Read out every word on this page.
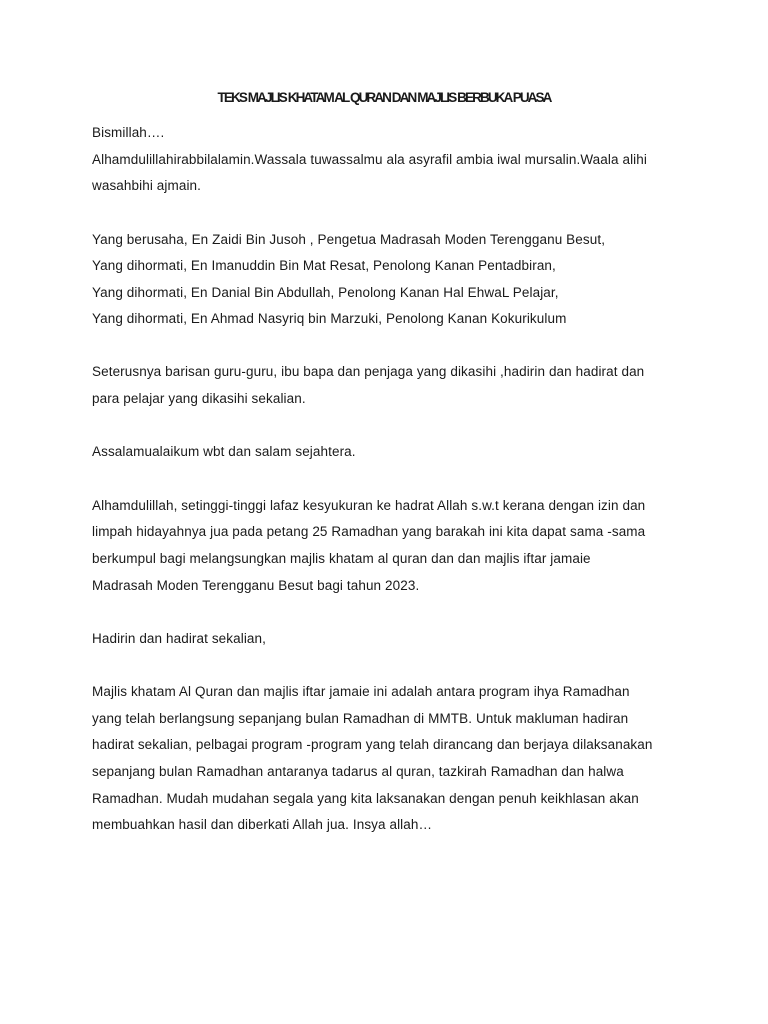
TEKS MAJLIS KHATAM AL QURAN DAN MAJLIS BERBUKA PUASA
Bismillah….
Alhamdulillahirabbilalamin.Wassala tuwassalmu ala asyrafil ambia iwal mursalin.Waala alihi
wasahbihi ajmain.
Yang berusaha, En Zaidi Bin Jusoh , Pengetua Madrasah Moden Terengganu Besut,
Yang dihormati, En Imanuddin Bin Mat Resat, Penolong Kanan Pentadbiran,
Yang dihormati, En Danial Bin Abdullah, Penolong Kanan Hal EhwaL Pelajar,
Yang dihormati, En Ahmad Nasyriq bin Marzuki, Penolong Kanan Kokurikulum
Seterusnya barisan guru-guru, ibu bapa dan penjaga yang dikasihi ,hadirin dan hadirat dan
para pelajar yang dikasihi sekalian.
Assalamualaikum wbt dan salam sejahtera.
Alhamdulillah, setinggi-tinggi lafaz kesyukuran ke hadrat Allah s.w.t kerana dengan izin dan
limpah hidayahnya jua pada petang 25 Ramadhan yang barakah ini kita dapat sama -sama
berkumpul bagi melangsungkan majlis khatam al quran dan dan majlis iftar jamaie
Madrasah Moden Terengganu Besut bagi tahun 2023.
Hadirin dan hadirat sekalian,
Majlis khatam Al Quran dan majlis iftar jamaie ini adalah antara program ihya Ramadhan
yang telah berlangsung sepanjang bulan Ramadhan di MMTB. Untuk makluman hadiran
hadirat sekalian, pelbagai program -program yang telah dirancang dan berjaya dilaksanakan
sepanjang bulan Ramadhan antaranya tadarus al quran, tazkirah Ramadhan dan halwa
Ramadhan. Mudah mudahan segala yang kita laksanakan dengan penuh keikhlasan akan
membuahkan hasil dan diberkati Allah jua. Insya allah…
